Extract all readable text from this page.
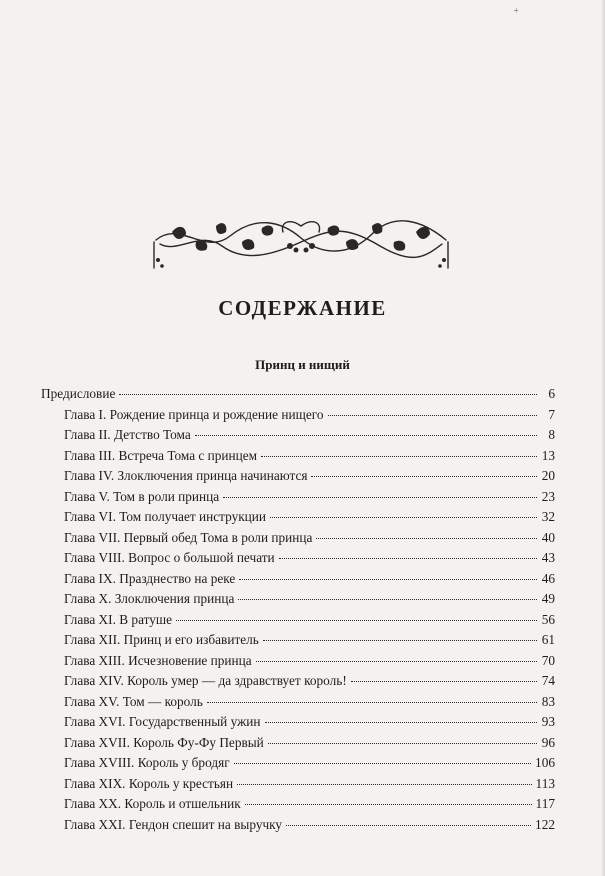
+
СОДЕРЖАНИЕ
Принц и нищий
Предисловие	6
Глава I. Рождение принца и рождение нищего	7
Глава II. Детство Тома	8
Глава III. Встреча Тома с принцем	13
Глава IV. Злоключения принца начинаются	20
Глава V. Том в роли принца	23
Глава VI. Том получает инструкции	32
Глава VII. Первый обед Тома в роли принца	40
Глава VIII. Вопрос о большой печати	43
Глава IX. Празднество на реке	46
Глава X. Злоключения принца	49
Глава XI. В ратуше	56
Глава XII. Принц и его избавитель	61
Глава XIII. Исчезновение принца	70
Глава XIV. Король умер — да здравствует король!	74
Глава XV. Том — король	83
Глава XVI. Государственный ужин	93
Глава XVII. Король Фу-Фу Первый	96
Глава XVIII. Король у бродяг	106
Глава XIX. Король у крестьян	113
Глава XX. Король и отшельник	117
Глава XXI. Гендон спешит на выручку	122
